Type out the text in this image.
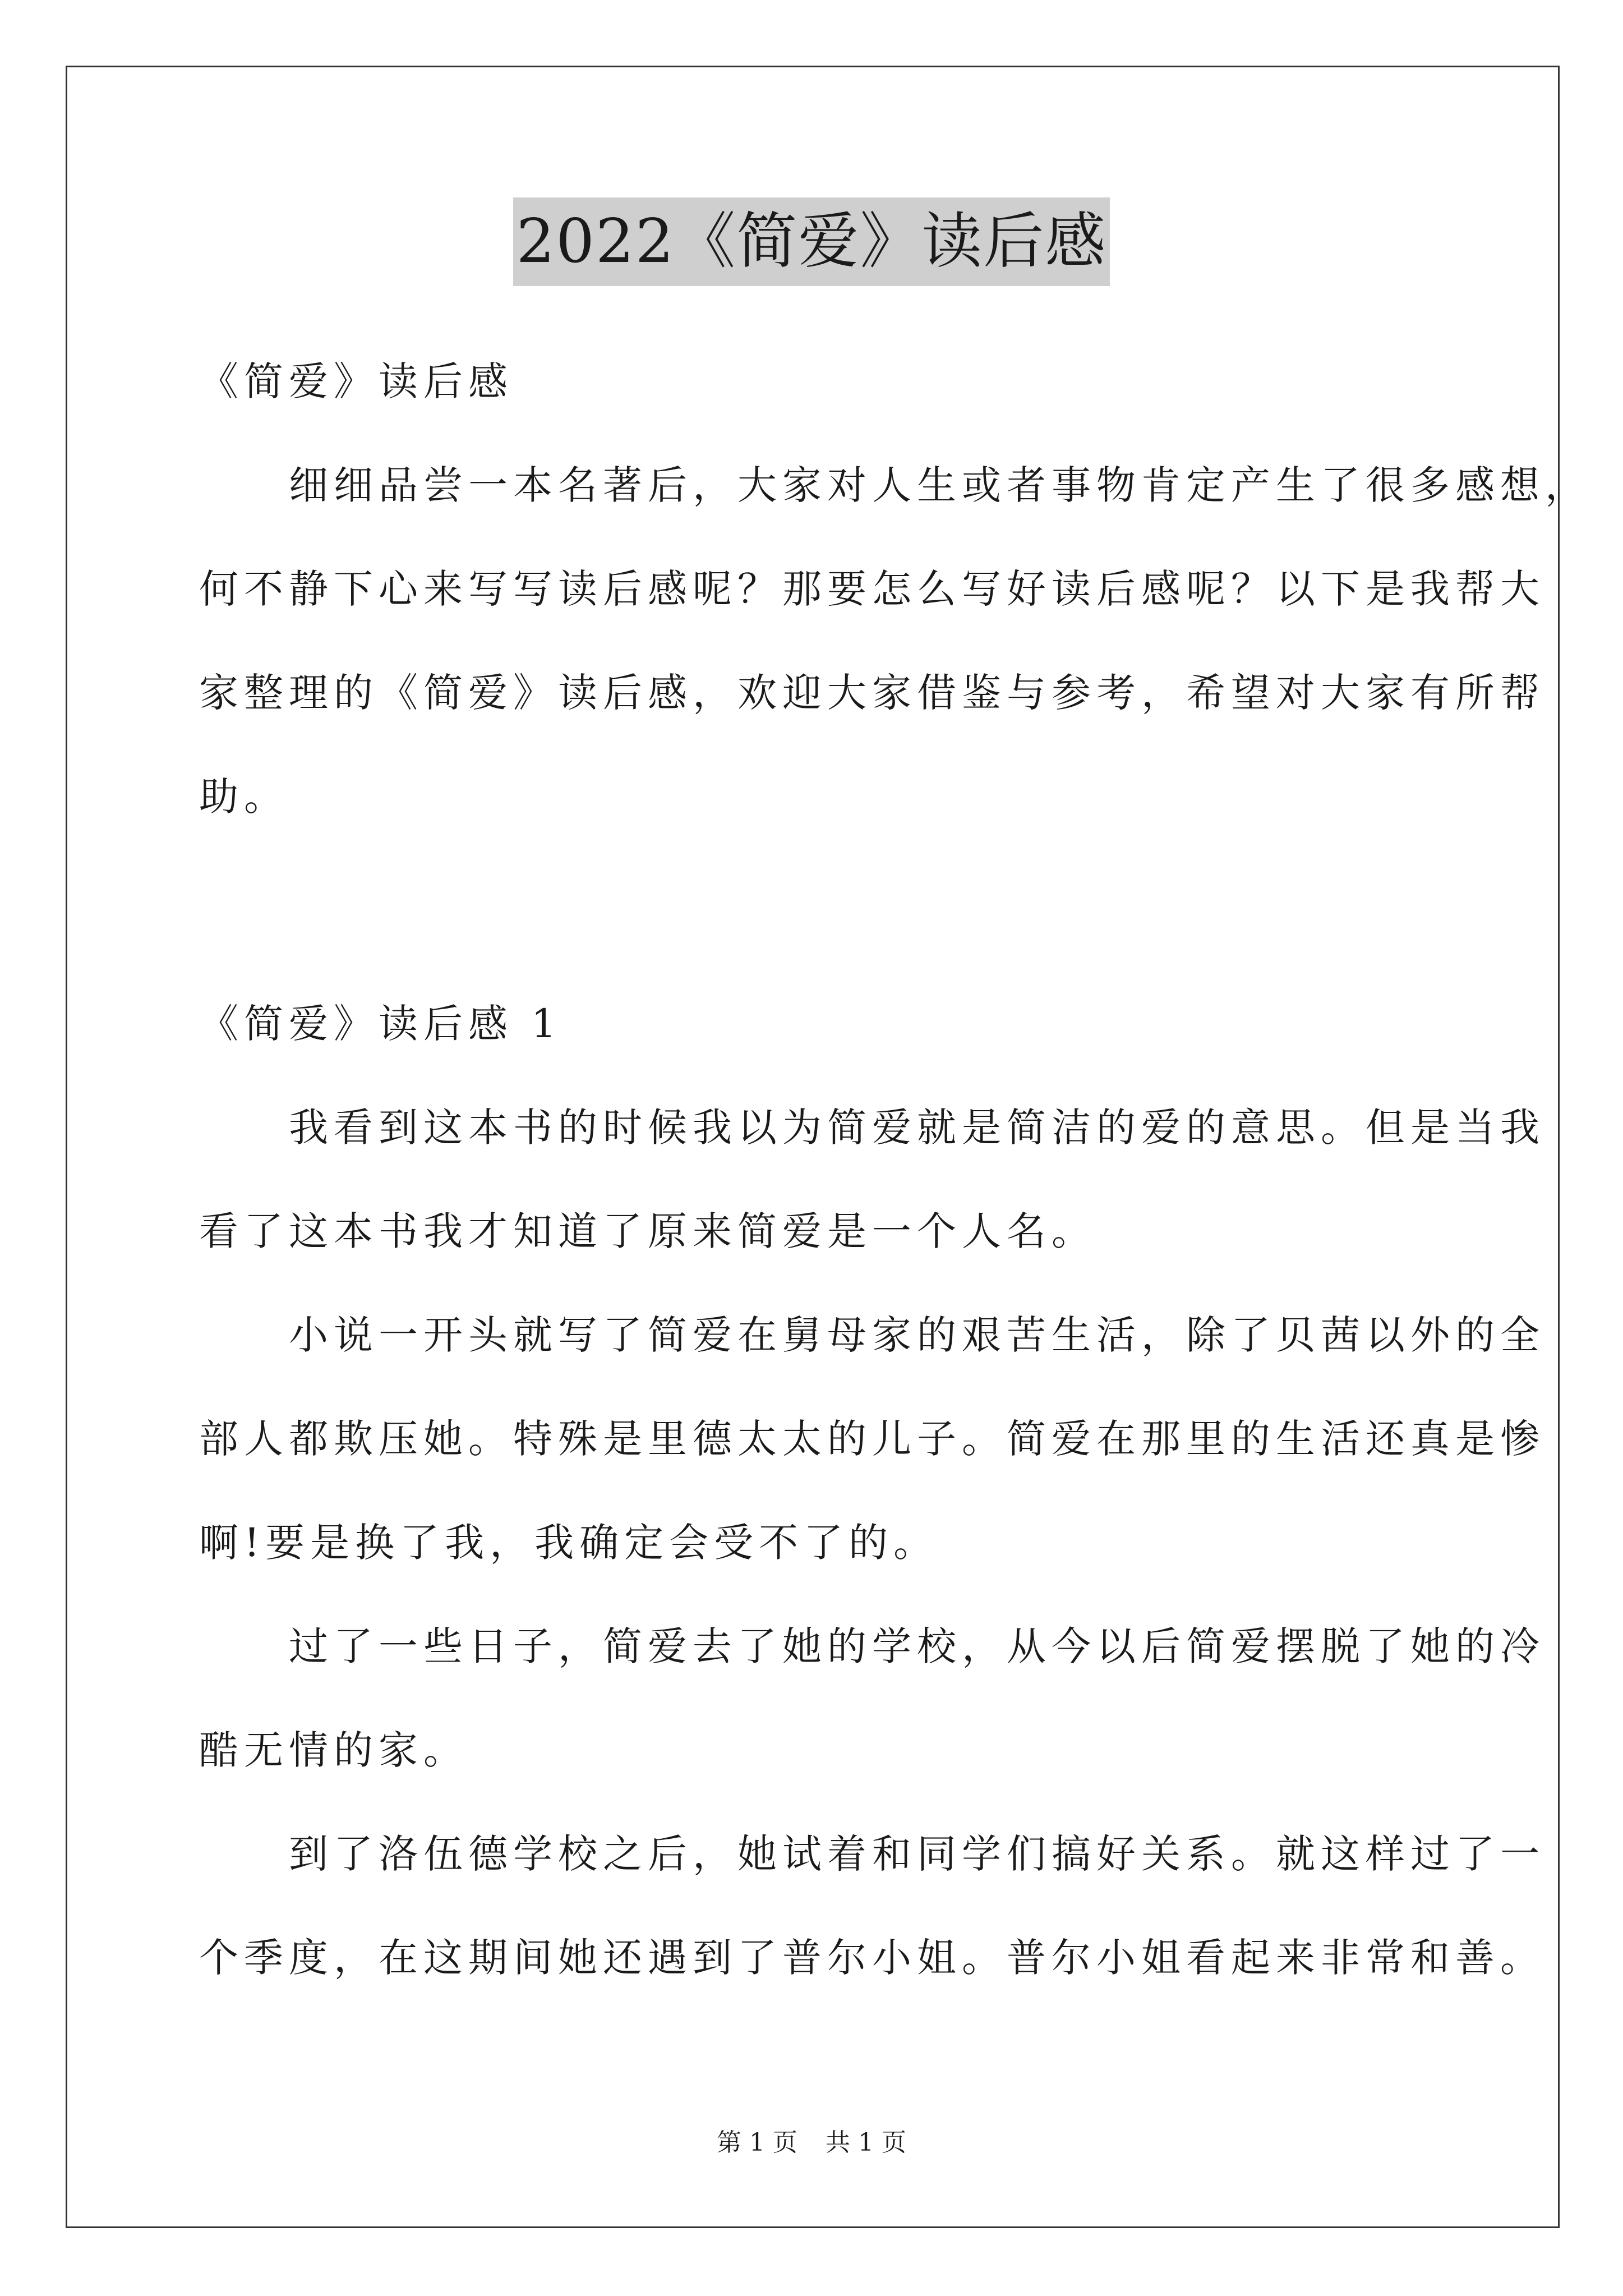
2022《简爱》读后感
《简爱》读后感
　　细细品尝一本名著后，大家对人生或者事物肯定产生了很多感想，
何不静下心来写写读后感呢？那要怎么写好读后感呢？以下是我帮大
家整理的《简爱》读后感，欢迎大家借鉴与参考，希望对大家有所帮
助。
《简爱》读后感 1
　　我看到这本书的时候我以为简爱就是简洁的爱的意思。但是当我
看了这本书我才知道了原来简爱是一个人名。
　　小说一开头就写了简爱在舅母家的艰苦生活，除了贝茜以外的全
部人都欺压她。特殊是里德太太的儿子。简爱在那里的生活还真是惨
啊!要是换了我，我确定会受不了的。
　　过了一些日子，简爱去了她的学校，从今以后简爱摆脱了她的冷
酷无情的家。
　　到了洛伍德学校之后，她试着和同学们搞好关系。就这样过了一
个季度，在这期间她还遇到了普尔小姐。普尔小姐看起来非常和善。
第 1 页 共 1 页
